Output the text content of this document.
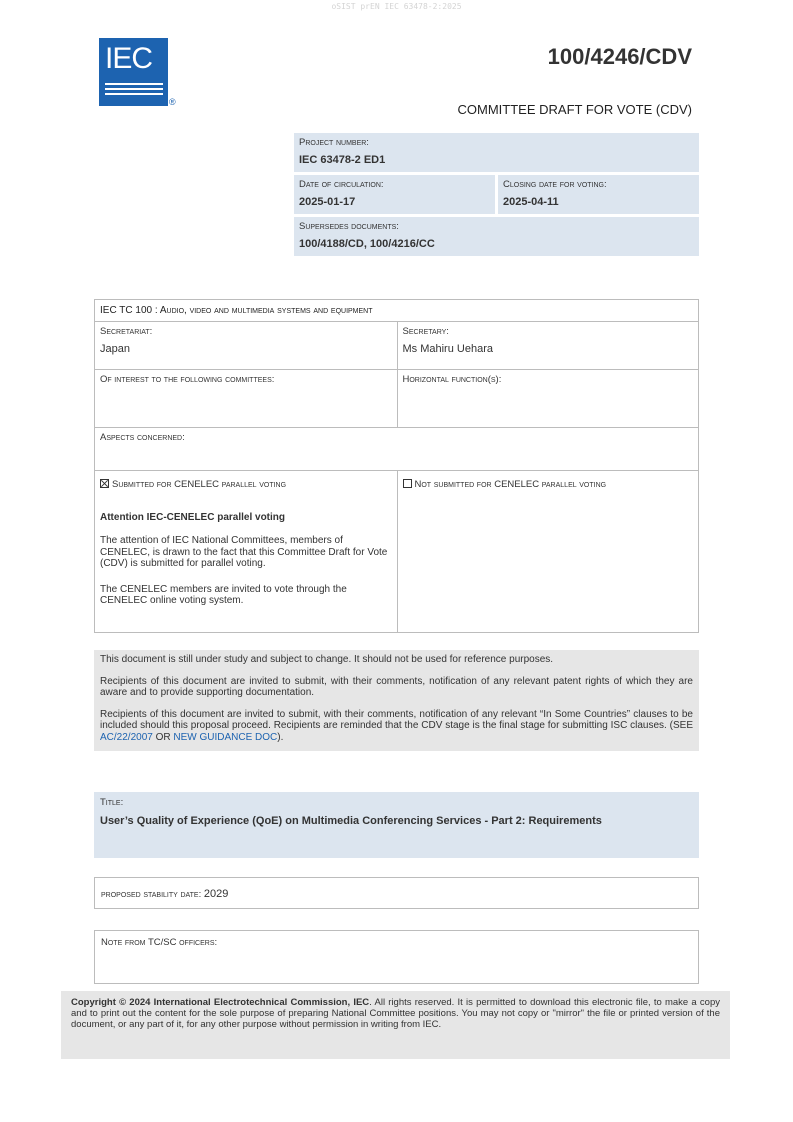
oSIST prEN IEC 63478-2:2025
IEC
®
100/4246/CDV
COMMITTEE DRAFT FOR VOTE (CDV)
Project number:
IEC 63478-2 ED1
Date of circulation:
2025-01-17
Closing date for voting:
2025-04-11
Supersedes documents:
100/4188/CD, 100/4216/CC
IEC TC 100 : Audio, video and multimedia systems and equipment
Secretariat:
Japan
Secretary:
Ms Mahiru Uehara
Of interest to the following committees:	Horizontal function(s):
Aspects concerned:
Submitted for CENELEC parallel voting
Attention IEC-CENELEC parallel voting
The attention of IEC National Committees, members of CENELEC, is drawn to the fact that this Committee Draft for Vote (CDV) is submitted for parallel voting.
The CENELEC members are invited to vote through the CENELEC online voting system.
Not submitted for CENELEC parallel voting

This document is still under study and subject to change. It should not be used for reference purposes.

Recipients of this document are invited to submit, with their comments, notification of any relevant patent rights of which they are aware and to provide supporting documentation.

Recipients of this document are invited to submit, with their comments, notification of any relevant “In Some Countries” clauses to be included should this proposal proceed. Recipients are reminded that the CDV stage is the final stage for submitting ISC clauses. (SEE AC/22/2007 OR NEW GUIDANCE DOC).

Title:
User’s Quality of Experience (QoE) on Multimedia Conferencing Services - Part 2: Requirements
proposed stability date: 2029
Note from TC/SC officers:
Copyright © 2024 International Electrotechnical Commission, IEC. All rights reserved. It is permitted to download this electronic file, to make a copy and to print out the content for the sole purpose of preparing National Committee positions. You may not copy or "mirror" the file or printed version of the document, or any part of it, for any other purpose without permission in writing from IEC.
